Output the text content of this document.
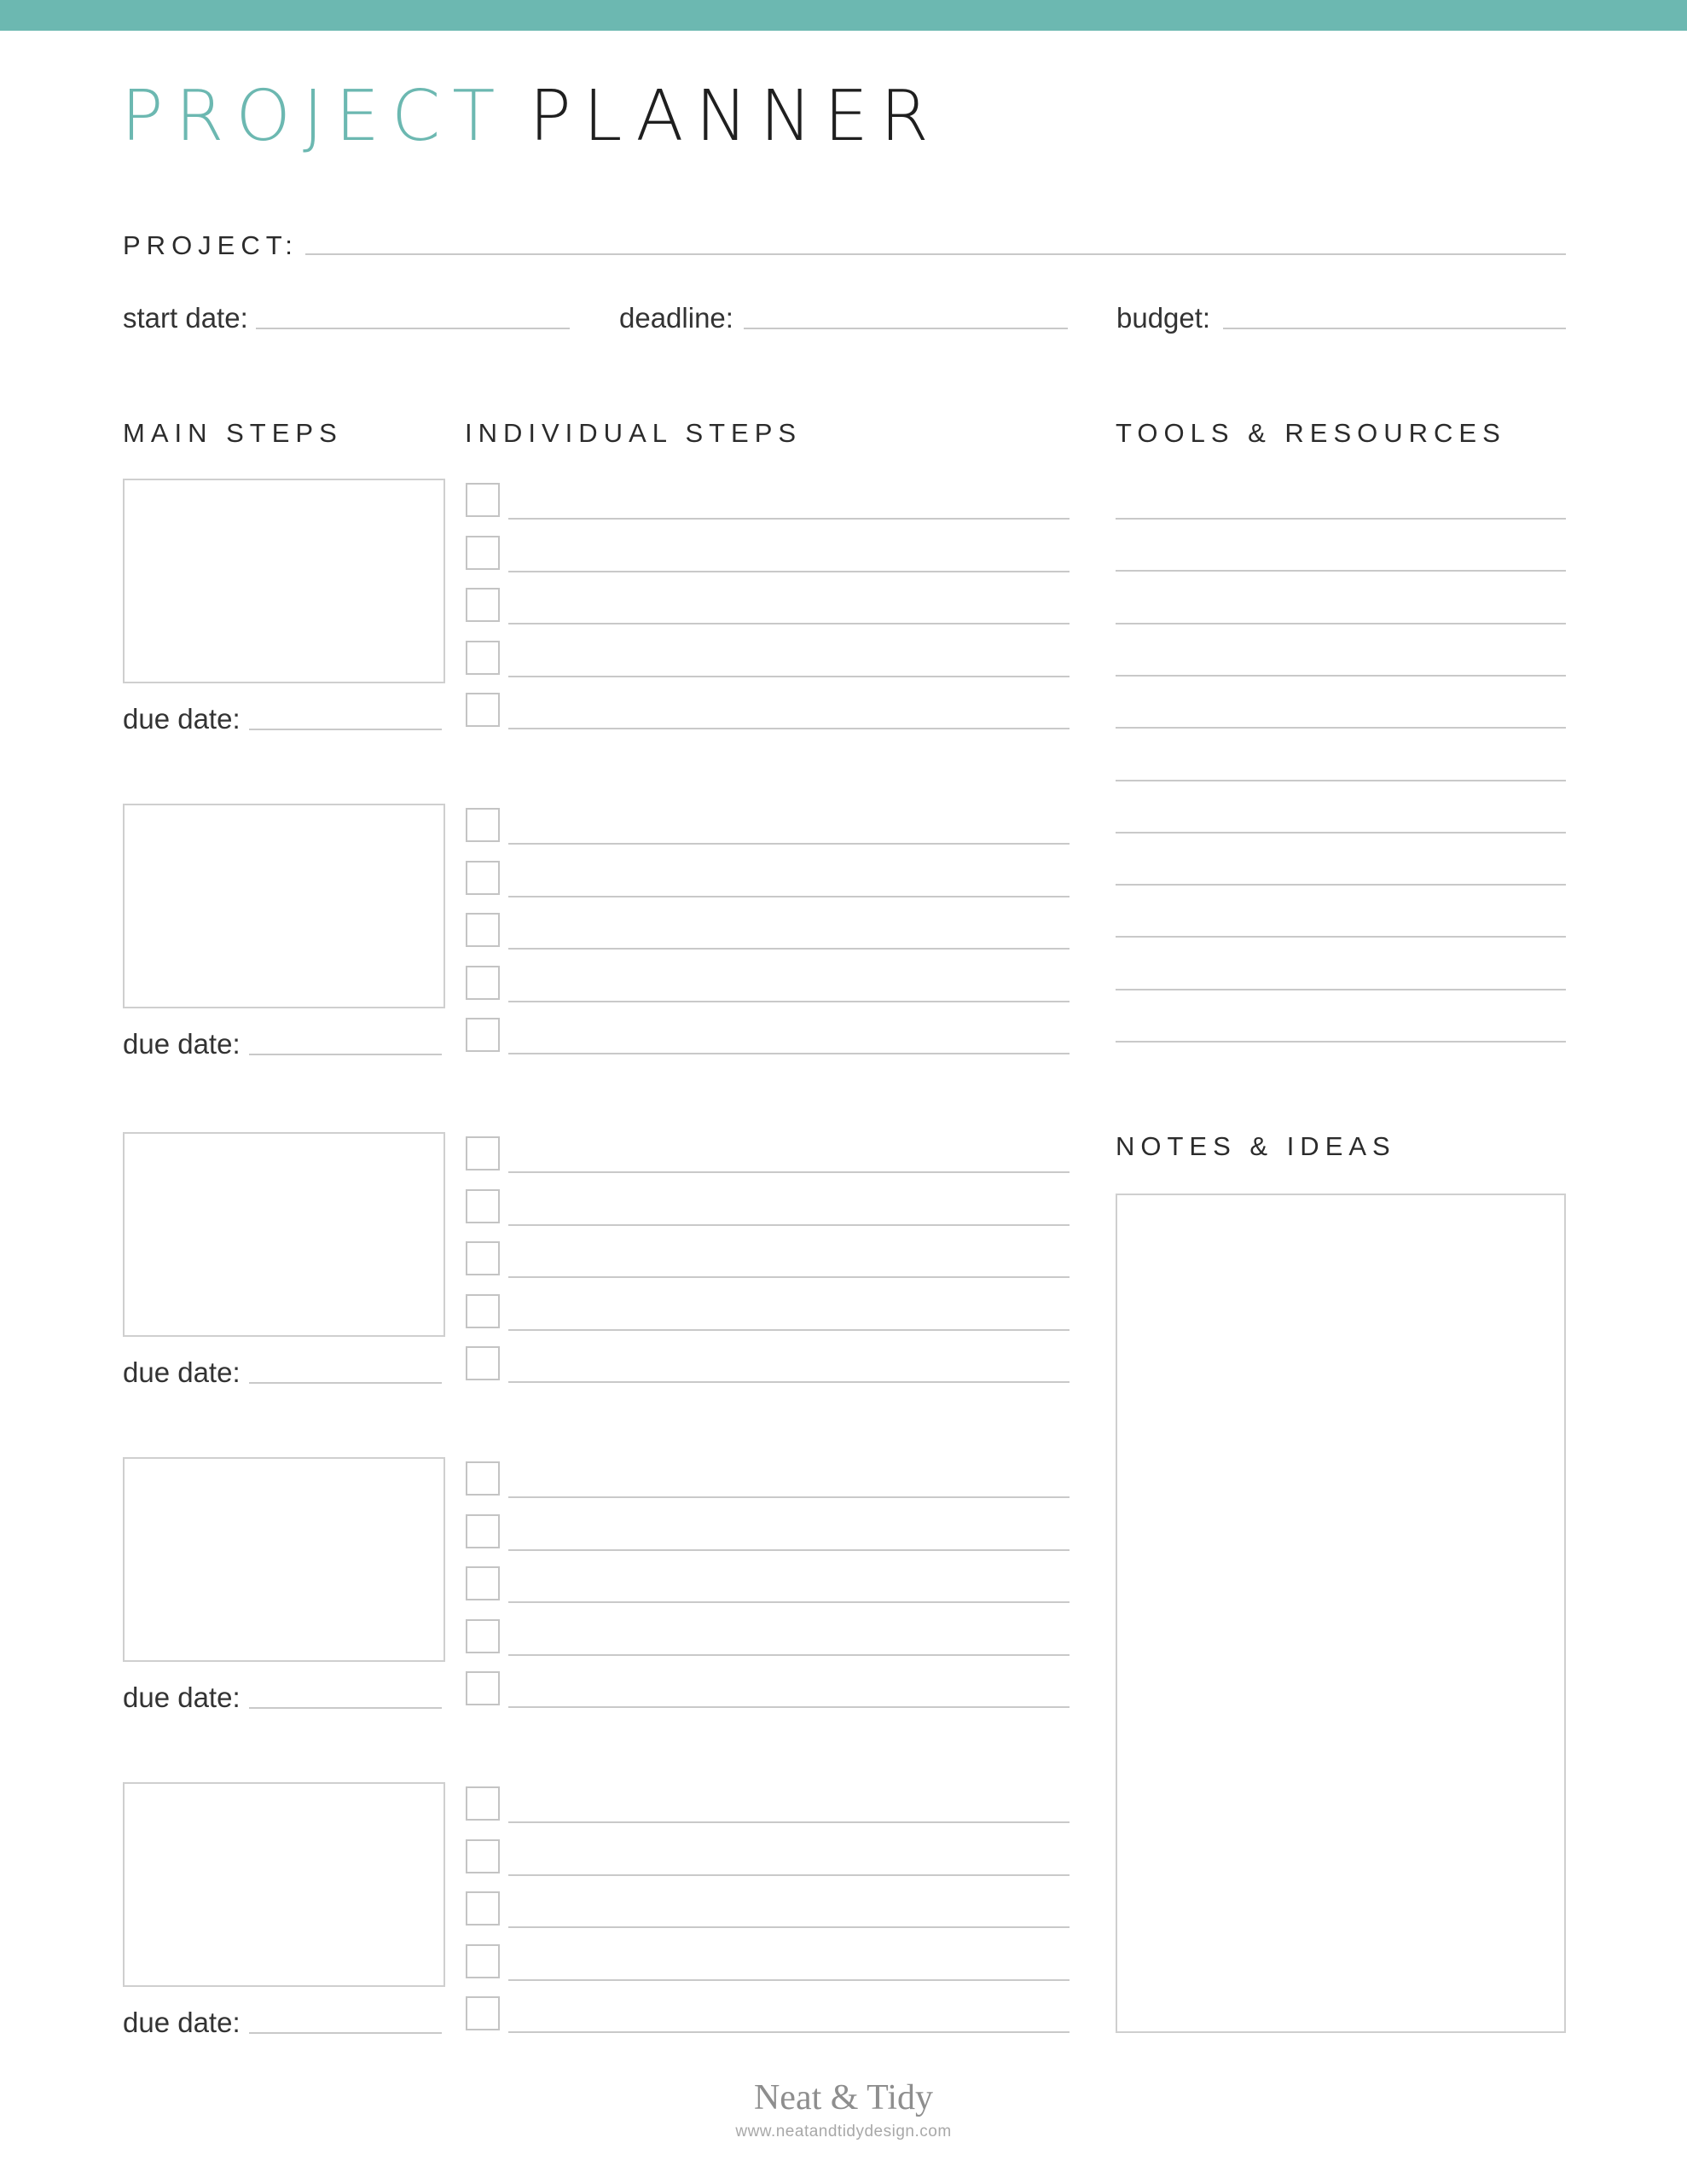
PROJECT PLANNER
PROJECT:
start date:	deadline:	budget:
MAIN STEPS	INDIVIDUAL STEPS	TOOLS & RESOURCES
due date:
due date:
due date:
due date:
due date:
NOTES & IDEAS
Neat & Tidy
www.neatandtidydesign.com
